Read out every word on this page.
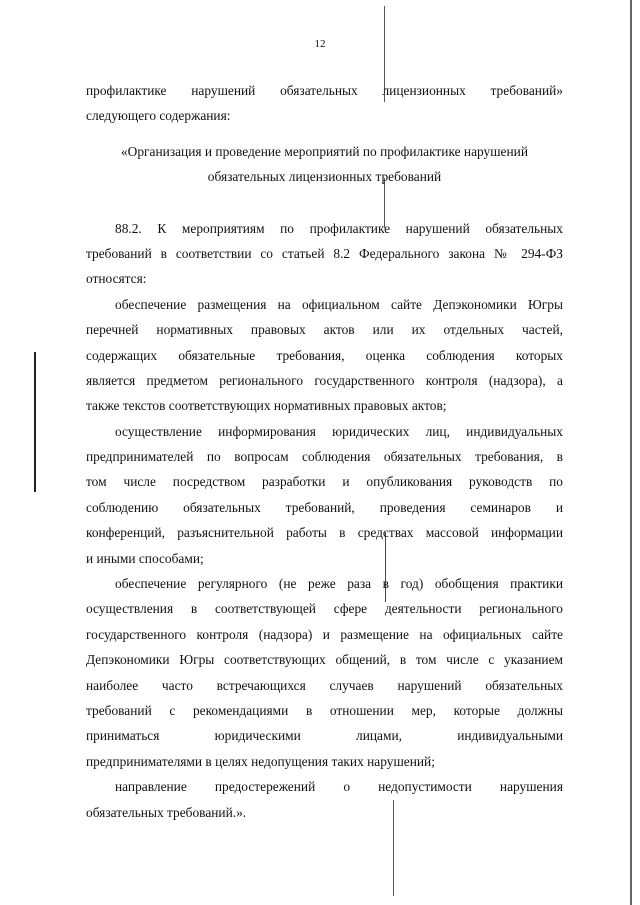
12
профилактике нарушений обязательных лицензионных требований»
следующего содержания:
«Организация и проведение мероприятий по профилактике нарушений
обязательных лицензионных требований
88.2. К мероприятиям по профилактике нарушений обязательных
требований в соответствии со статьей 8.2 Федерального закона № 294-ФЗ
относятся:
обеспечение размещения на официальном сайте Депэкономики Югры
перечней нормативных правовых актов или их отдельных частей,
содержащих обязательные требования, оценка соблюдения которых
является предметом регионального государственного контроля (надзора), а
также текстов соответствующих нормативных правовых актов;
осуществление информирования юридических лиц, индивидуальных
предпринимателей по вопросам соблюдения обязательных требования, в
том числе посредством разработки и опубликования руководств по
соблюдению обязательных требований, проведения семинаров и
конференций, разъяснительной работы в средствах массовой информации
и иными способами;
обеспечение регулярного (не реже раза в год) обобщения практики
осуществления в соответствующей сфере деятельности регионального
государственного контроля (надзора) и размещение на официальных сайте
Депэкономики Югры соответствующих общений, в том числе с указанием
наиболее часто встречающихся случаев нарушений обязательных
требований с рекомендациями в отношении мер, которые должны
приниматься юридическими лицами, индивидуальными
предпринимателями в целях недопущения таких нарушений;
направление предостережений о недопустимости нарушения
обязательных требований.».
